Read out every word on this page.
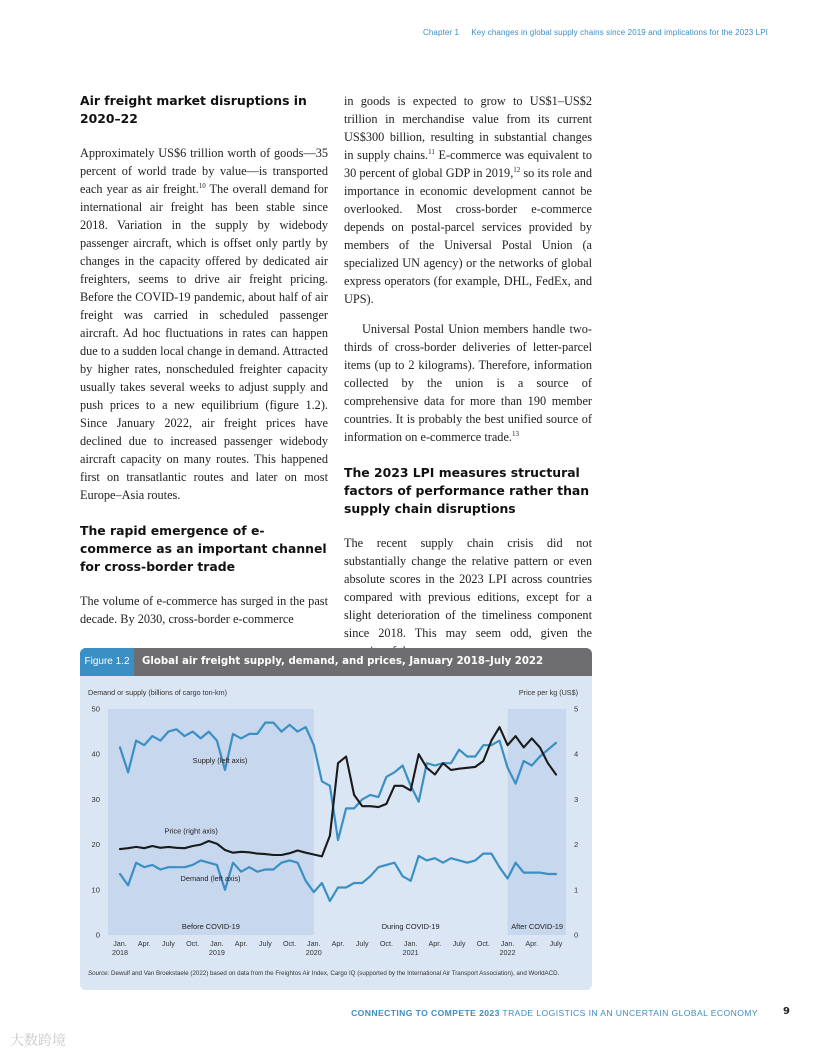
Chapter 1 Key changes in global supply chains since 2019 and implications for the 2023 LPI
Air freight market disruptions in 2020–22

Approximately US$6 trillion worth of goods—35 percent of world trade by value—is transported each year as air freight.$^{10}$ The overall demand for international air freight has been stable since 2018. Variation in the supply by widebody passenger aircraft, which is offset only partly by changes in the capacity offered by dedicated air freighters, seems to drive air freight pricing. Before the COVID-19 pandemic, about half of air freight was carried in scheduled passenger aircraft. Ad hoc fluctuations in rates can happen due to a sudden local change in demand. Attracted by higher rates, nonscheduled freighter capacity usually takes several weeks to adjust supply and push prices to a new equilibrium (figure 1.2). Since January 2022, air freight prices have declined due to increased passenger widebody aircraft capacity on many routes. This happened first on transatlantic routes and later on most Europe–Asia routes.

The rapid emergence of e-commerce as an important channel for cross-border trade

The volume of e-commerce has surged in the past decade. By 2030, cross-border e-commerce

in goods is expected to grow to US$1–US$2 trillion in merchandise value from its current US$300 billion, resulting in substantial changes in supply chains.$^{11}$ E-commerce was equivalent to 30 percent of global GDP in 2019,12 so its role and importance in economic development cannot be overlooked. Most cross-border e-commerce depends on postal-parcel services provided by members of the Universal Postal Union (a specialized UN agency) or the networks of global express operators (for example, DHL, FedEx, and UPS).

Universal Postal Union members handle two-thirds of cross-border deliveries of letter-parcel items (up to 2 kilograms). Therefore, information collected by the union is a source of comprehensive data for more than 190 member countries. It is probably the best unified source of information on e-commerce trade.$^{13}$

The 2023 LPI measures structural factors of performance rather than supply chain disruptions

The recent supply chain crisis did not substantially change the relative pattern or even absolute scores in the 2023 LPI across countries compared with previous editions, except for a slight deterioration of the timeliness component since 2018. This may seem odd, given the

Figure 1.2	Global air freight supply, demand, and prices, January 2018–July 2022
Before COVID-19	During COVID-19	After COVID-19
Demand or supply (billions of cargo ton-km)	Price per kg (US$)
0
10
20
30
40
50
0
1
2
3
4
5
Jan.
2018
Apr. July Oct. Jan.
2019
Apr. July Oct. Jan.
2020
Apr. July Oct. Jan.
2021
Apr. July Oct. Jan.
2022
Apr. July
Supply (left axis)
Price (right axis)
Demand (left axis)
Source: Dewulf and Van Broekstaele (2022) based on data from the Freightos Air Index, Cargo IQ (supported by the International Air Transport Association), and WorldACD.
CONNECTING TO COMPETE 2023 TRADE LOGISTICS IN AN UNCERTAIN GLOBAL ECONOMY	9
大数跨境
